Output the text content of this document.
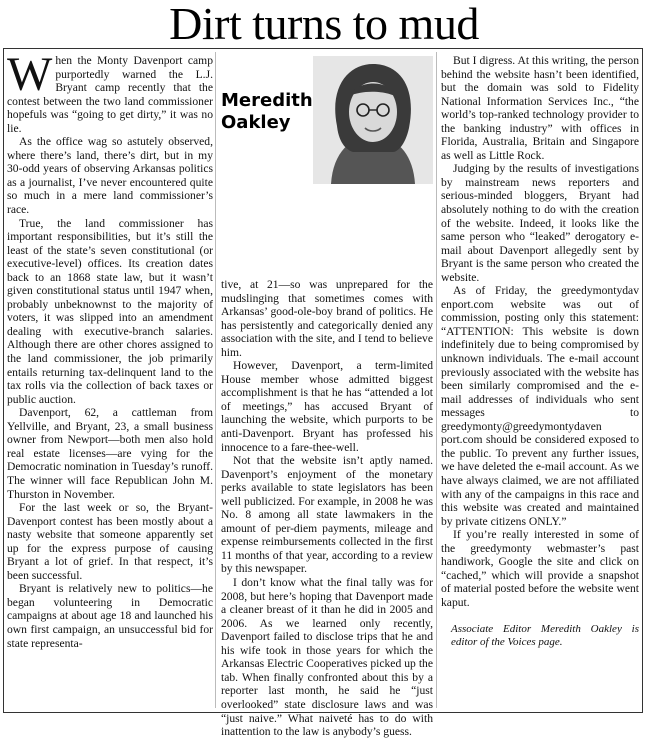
Dirt turns to mud

When the Monty Davenport camp purportedly warned the L.J. Bryant camp recently that the contest between the two land commissioner hopefuls was “going to get dirty,” it was no lie.

As the office wag so astutely observed, where there’s land, there’s dirt, but in my 30-odd years of observing Arkansas politics as a journalist, I’ve never encountered quite so much in a mere land commissioner’s race.

True, the land commissioner has important responsibilities, but it’s still the least of the state’s seven constitutional (or executive-level) offices. Its creation dates back to an 1868 state law, but it wasn’t given constitutional status until 1947 when, probably unbeknownst to the majority of voters, it was slipped into an amendment dealing with executive-branch salaries. Although there are other chores assigned to the land commissioner, the job primarily entails returning tax-delinquent land to the tax rolls via the collection of back taxes or public auction.

Davenport, 62, a cattleman from Yellville, and Bryant, 23, a small business owner from Newport—both men also hold real estate licenses—are vying for the Democratic nomination in Tuesday’s runoff. The winner will face Republican John M. Thurston in November.

For the last week or so, the Bryant-Davenport contest has been mostly about a nasty website that someone apparently set up for the express purpose of causing Bryant a lot of grief. In that respect, it’s been successful.

Bryant is relatively new to politics—he began volunteering in Democratic campaigns at about age 18 and launched his own first campaign, an unsuccessful bid for state representa-

Meredith
Oakley

tive, at 21—so was unprepared for the mudslinging that sometimes comes with Arkansas’ good-ole-boy brand of politics. He has persistently and categorically denied any association with the site, and I tend to believe him.

However, Davenport, a term-limited House member whose admitted biggest accomplishment is that he has “attended a lot of meetings,” has accused Bryant of launching the website, which purports to be anti-Davenport. Bryant has professed his innocence to a fare-thee-well.

Not that the website isn’t aptly named. Davenport’s enjoyment of the monetary perks available to state legislators has been well publicized. For example, in 2008 he was No. 8 among all state lawmakers in the amount of per-diem payments, mileage and expense reimbursements collected in the first 11 months of that year, according to a review by this newspaper.

I don’t know what the final tally was for 2008, but here’s hoping that Davenport made a cleaner breast of it than he did in 2005 and 2006. As we learned only recently, Davenport failed to disclose trips that he and his wife took in those years for which the Arkansas Electric Cooperatives picked up the tab. When finally confronted about this by a reporter last month, he said he “just overlooked” state disclosure laws and was “just naive.” What naiveté has to do with inattention to the law is anybody’s guess.

But I digress. At this writing, the person behind the website hasn’t been identified, but the domain was sold to Fidelity National Information Services Inc., “the world’s top-ranked technology provider to the banking industry” with offices in Florida, Australia, Britain and Singapore as well as Little Rock.

Judging by the results of investigations by mainstream news reporters and serious-minded bloggers, Bryant had absolutely nothing to do with the creation of the website. Indeed, it looks like the same person who “leaked” derogatory e-mail about Davenport allegedly sent by Bryant is the same person who created the website.

As of Friday, the greedymontydav enport.com website was out of commission, posting only this statement: “ATTENTION: This website is down indefinitely due to being compromised by unknown individuals. The e-mail account previously associated with the website has been similarly compromised and the e-mail addresses of individuals who sent messages to greedymonty@greedymontydaven port.com should be considered exposed to the public. To prevent any further issues, we have deleted the e-mail account. As we have always claimed, we are not affiliated with any of the campaigns in this race and this website was created and maintained by private citizens ONLY.”

If you’re really interested in some of the greedymonty webmaster’s past handiwork, Google the site and click on “cached,” which will provide a snapshot of material posted before the website went kaput.

Associate Editor Meredith Oakley is editor of the Voices page.
